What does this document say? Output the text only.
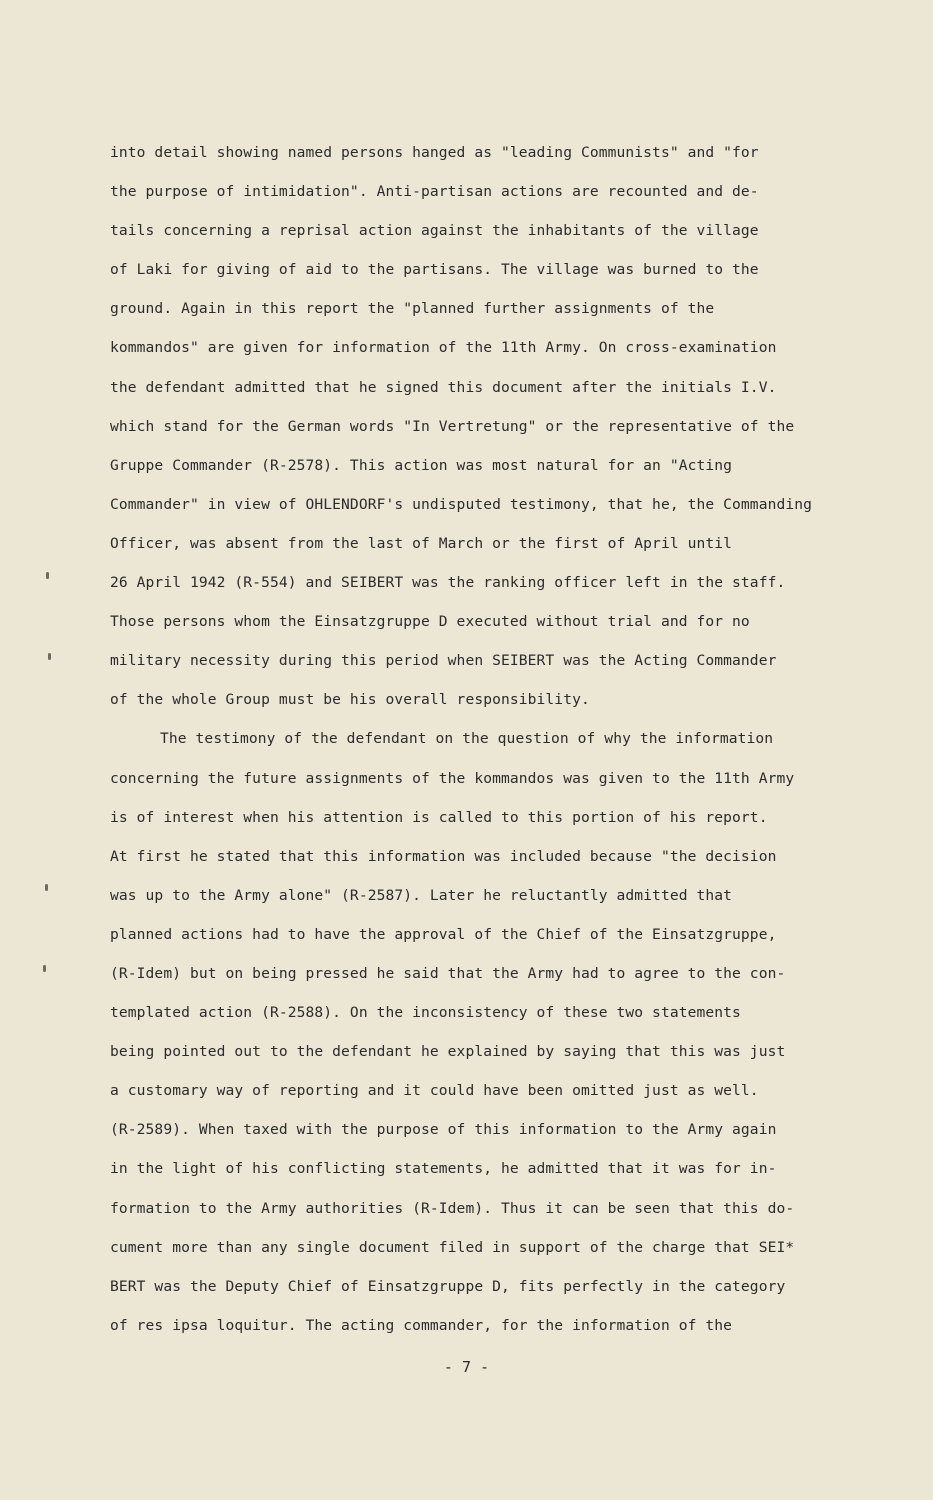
into detail showing named persons hanged as "leading Communists" and "for
the purpose of intimidation". Anti-partisan actions are recounted and de-
tails concerning a reprisal action against the inhabitants of the village
of Laki for giving of aid to the partisans. The village was burned to the
ground. Again in this report the "planned further assignments of the
kommandos" are given for information of the 11th Army. On cross-examination
the defendant admitted that he signed this document after the initials I.V.
which stand for the German words "In Vertretung" or the representative of the
Gruppe Commander (R-2578). This action was most natural for an "Acting
Commander" in view of OHLENDORF's undisputed testimony, that he, the Commanding
Officer, was absent from the last of March or the first of April until
26 April 1942 (R-554) and SEIBERT was the ranking officer left in the staff.
Those persons whom the Einsatzgruppe D executed without trial and for no
military necessity during this period when SEIBERT was the Acting Commander
of the whole Group must be his overall responsibility.
The testimony of the defendant on the question of why the information
concerning the future assignments of the kommandos was given to the 11th Army
is of interest when his attention is called to this portion of his report.
At first he stated that this information was included because "the decision
was up to the Army alone" (R-2587). Later he reluctantly admitted that
planned actions had to have the approval of the Chief of the Einsatzgruppe,
(R-Idem) but on being pressed he said that the Army had to agree to the con-
templated action (R-2588). On the inconsistency of these two statements
being pointed out to the defendant he explained by saying that this was just
a customary way of reporting and it could have been omitted just as well.
(R-2589). When taxed with the purpose of this information to the Army again
in the light of his conflicting statements, he admitted that it was for in-
formation to the Army authorities (R-Idem). Thus it can be seen that this do-
cument more than any single document filed in support of the charge that SEI*
BERT was the Deputy Chief of Einsatzgruppe D, fits perfectly in the category
of res ipsa loquitur. The acting commander, for the information of the
- 7 -
